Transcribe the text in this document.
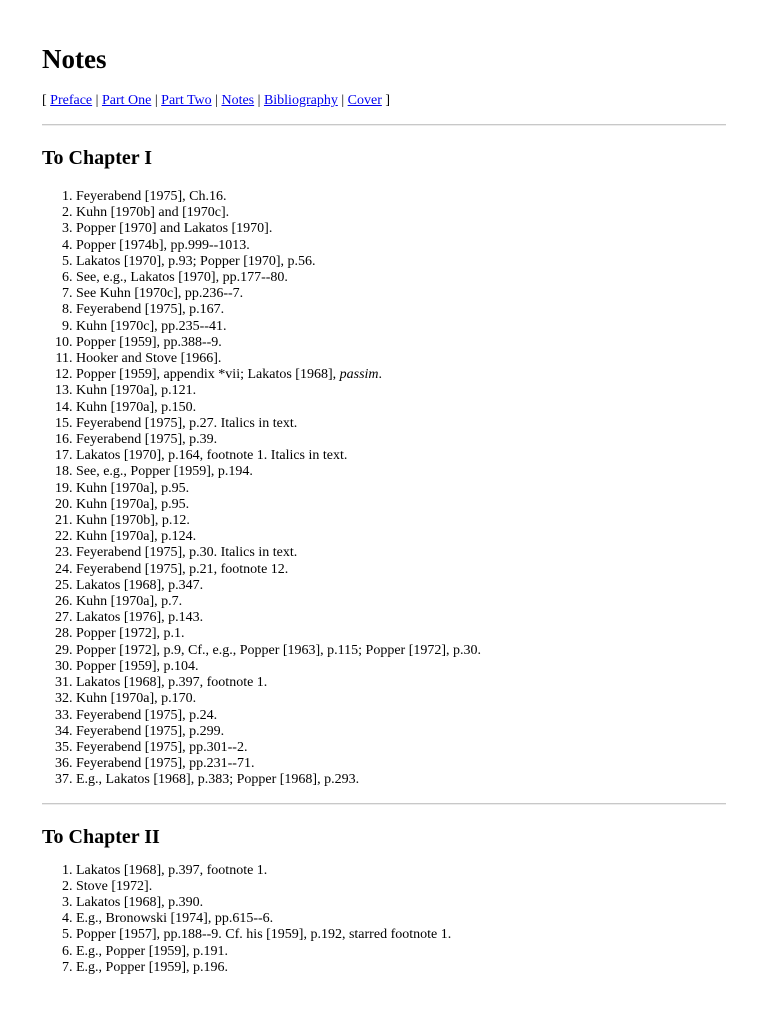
Notes
[ Preface | Part One | Part Two | Notes | Bibliography | Cover ]
To Chapter I
1. Feyerabend [1975], Ch.16.
2. Kuhn [1970b] and [1970c].
3. Popper [1970] and Lakatos [1970].
4. Popper [1974b], pp.999--1013.
5. Lakatos [1970], p.93; Popper [1970], p.56.
6. See, e.g., Lakatos [1970], pp.177--80.
7. See Kuhn [1970c], pp.236--7.
8. Feyerabend [1975], p.167.
9. Kuhn [1970c], pp.235--41.
10. Popper [1959], pp.388--9.
11. Hooker and Stove [1966].
12. Popper [1959], appendix *vii; Lakatos [1968], passim.
13. Kuhn [1970a], p.121.
14. Kuhn [1970a], p.150.
15. Feyerabend [1975], p.27. Italics in text.
16. Feyerabend [1975], p.39.
17. Lakatos [1970], p.164, footnote 1. Italics in text.
18. See, e.g., Popper [1959], p.194.
19. Kuhn [1970a], p.95.
20. Kuhn [1970a], p.95.
21. Kuhn [1970b], p.12.
22. Kuhn [1970a], p.124.
23. Feyerabend [1975], p.30. Italics in text.
24. Feyerabend [1975], p.21, footnote 12.
25. Lakatos [1968], p.347.
26. Kuhn [1970a], p.7.
27. Lakatos [1976], p.143.
28. Popper [1972], p.1.
29. Popper [1972], p.9, Cf., e.g., Popper [1963], p.115; Popper [1972], p.30.
30. Popper [1959], p.104.
31. Lakatos [1968], p.397, footnote 1.
32. Kuhn [1970a], p.170.
33. Feyerabend [1975], p.24.
34. Feyerabend [1975], p.299.
35. Feyerabend [1975], pp.301--2.
36. Feyerabend [1975], pp.231--71.
37. E.g., Lakatos [1968], p.383; Popper [1968], p.293.
To Chapter II
1. Lakatos [1968], p.397, footnote 1.
2. Stove [1972].
3. Lakatos [1968], p.390.
4. E.g., Bronowski [1974], pp.615--6.
5. Popper [1957], pp.188--9. Cf. his [1959], p.192, starred footnote 1.
6. E.g., Popper [1959], p.191.
7. E.g., Popper [1959], p.196.
